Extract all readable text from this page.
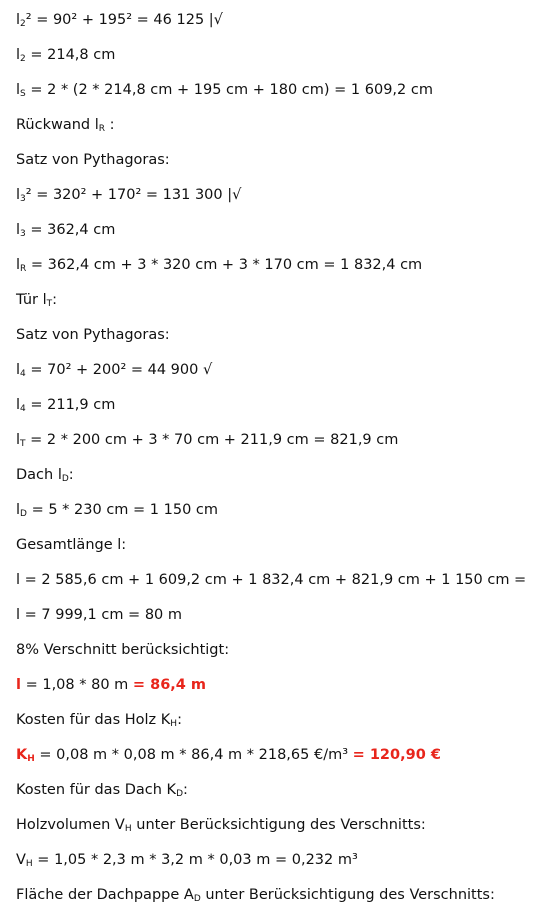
$l_2^2 = 90^2 + 195^2 = 46$ 125 |√
$l_2 = 214,8$ cm
$l_S = 2 * (2 * 214,8$ cm + 195 cm + 180 cm) = 1 609,2 cm
Rückwand $l_R$ :
Satz von Pythagoras:
$l_3^2 = 320^2 + 170^2 = 131$ 300 |√
$l_3 = 362,4$ cm
$l_R = 362,4$ cm + 3 * 320 cm + 3 * 170 cm = 1 832,4 cm
Tür $l_T$:
Satz von Pythagoras:
$l_4 = 70^2 + 200^2 = 44$ 900 √
$l_4 = 211,9$ cm
$l_T = 2 * 200$ cm + 3 * 70 cm + 211,9 cm = 821,9 cm
Dach $l_D$:
$l_D = 5 * 230$ cm = 1 150 cm
Gesamtlänge l:
l = 2 585,6 cm + 1 609,2 cm + 1 832,4 cm + 821,9 cm + 1 150 cm =
l = 7 999,1 cm = 80 m
8% Verschnitt berücksichtigt:
l = 1,08 * 80 m = 86,4 m
Kosten für das Holz $K_H$:
$K_H = 0,08$ m * 0,08 m * 86,4 m * 218,65 €/m³ = 120,90 €
Kosten für das Dach $K_D$:
Holzvolumen $V_H$ unter Berücksichtigung des Verschnitts:
$V_H = 1,05 * 2,3$ m * 3,2 m * 0,03 m = 0,232 m³
Fläche der Dachpappe $A_D$ unter Berücksichtigung des Verschnitts:
